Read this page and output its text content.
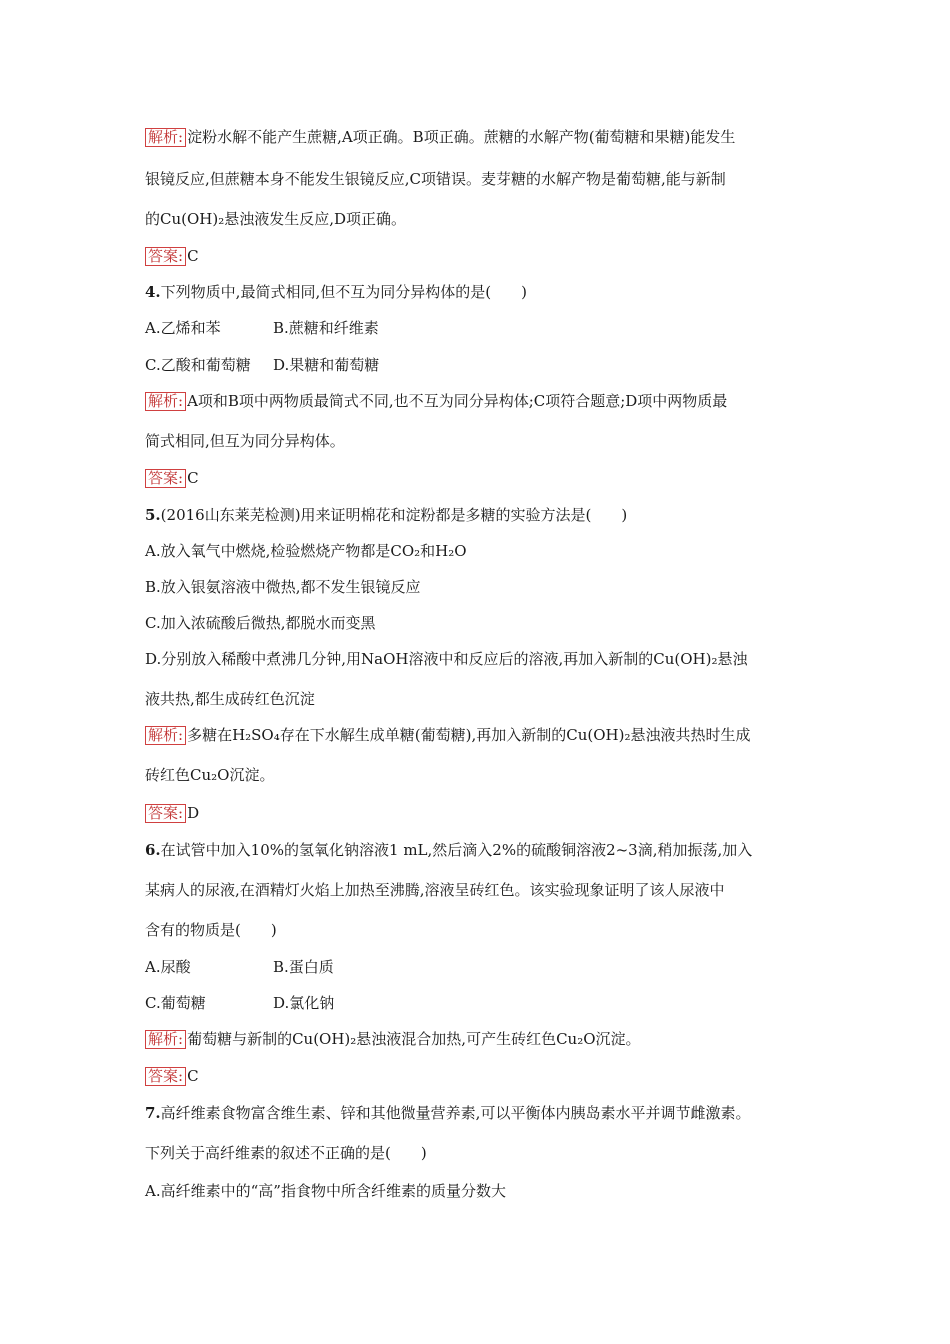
解析: 淀粉水解不能产生蔗糖,A项正确。B项正确。蔗糖的水解产物(葡萄糖和果糖)能发生
银镜反应,但蔗糖本身不能发生银镜反应,C项错误。麦芽糖的水解产物是葡萄糖,能与新制
的Cu(OH)₂悬浊液发生反应,D项正确。
答案: C
4.下列物质中,最简式相同,但不互为同分异构体的是(　　)
A.乙烯和苯	B.蔗糖和纤维素
C.乙酸和葡萄糖 D.果糖和葡萄糖
解析: A项和B项中两物质最简式不同,也不互为同分异构体;C项符合题意;D项中两物质最
简式相同,但互为同分异构体。
答案: C
5.(2016山东莱芜检测)用来证明棉花和淀粉都是多糖的实验方法是(　　)
A.放入氧气中燃烧,检验燃烧产物都是CO₂和H₂O
B.放入银氨溶液中微热,都不发生银镜反应
C.加入浓硫酸后微热,都脱水而变黑
D.分别放入稀酸中煮沸几分钟,用NaOH溶液中和反应后的溶液,再加入新制的Cu(OH)₂悬浊
液共热,都生成砖红色沉淀
解析: 多糖在H₂SO₄存在下水解生成单糖(葡萄糖),再加入新制的Cu(OH)₂悬浊液共热时生成
砖红色Cu₂O沉淀。
答案: D
6.在试管中加入10%的氢氧化钠溶液1 mL,然后滴入2%的硫酸铜溶液2~3滴,稍加振荡,加入
某病人的尿液,在酒精灯火焰上加热至沸腾,溶液呈砖红色。该实验现象证明了该人尿液中
含有的物质是(　　)
A.尿酸	B.蛋白质
C.葡萄糖	D.氯化钠
解析: 葡萄糖与新制的Cu(OH)₂悬浊液混合加热,可产生砖红色Cu₂O沉淀。
答案: C
7.高纤维素食物富含维生素、锌和其他微量营养素,可以平衡体内胰岛素水平并调节雌激素。
下列关于高纤维素的叙述不正确的是(　　)
A.高纤维素中的“高”指食物中所含纤维素的质量分数大
